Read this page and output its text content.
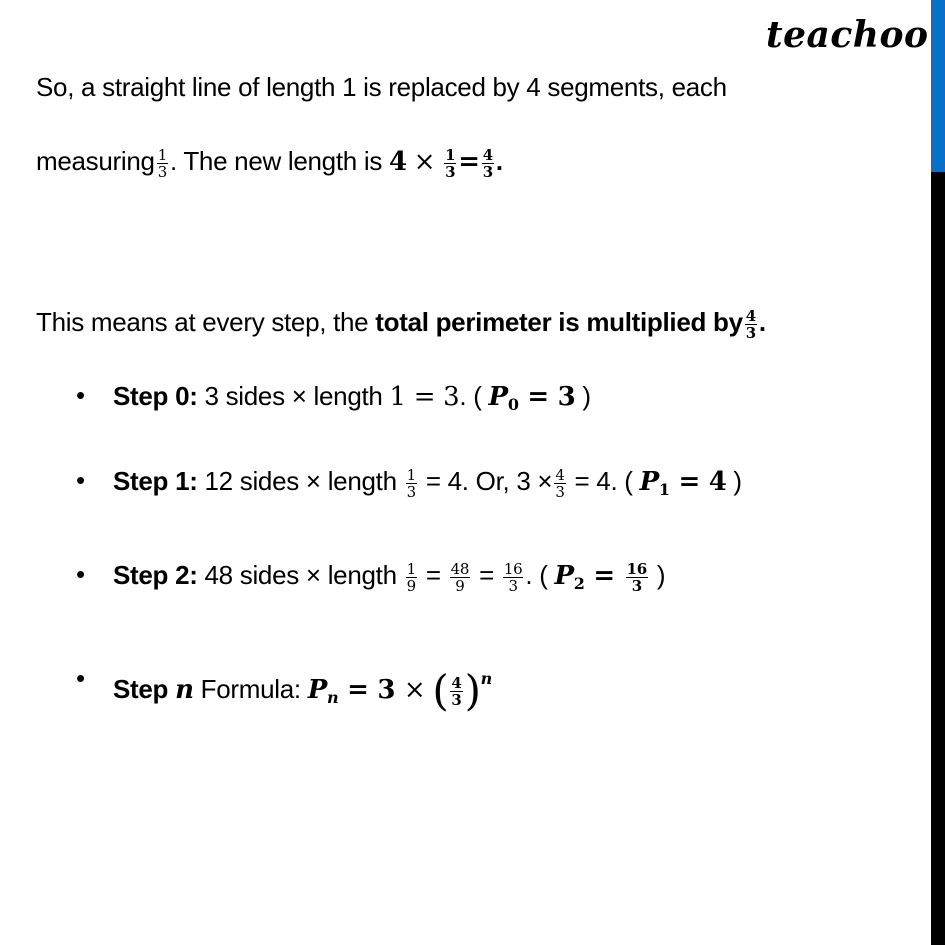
teachoo
So, a straight line of length 1 is replaced by 4 segments, each
measuring $\frac{1}{3}$ . The new length is $4 \times \frac{1}{3} = \frac{4}{3}$ .
This means at every step, the total perimeter is multiplied by $\frac{4}{3}$ .
• Step 0: 3 sides × length 1 = 3. ( $P_0 = 3$ )
• Step 1: 12 sides × length $\frac{1}{3} = 4$. Or, $3 \times \frac{4}{3} = 4$. ( $P_1 = 4$ )
• Step 2: 48 sides × length $\frac{1}{9} = \frac{48}{9} = \frac{16}{3}$ . ( $P_2 = \frac{16}{3}$ )
• Step n Formula: $P_n = 3$ × ( $\frac{4}{3} )^n$
